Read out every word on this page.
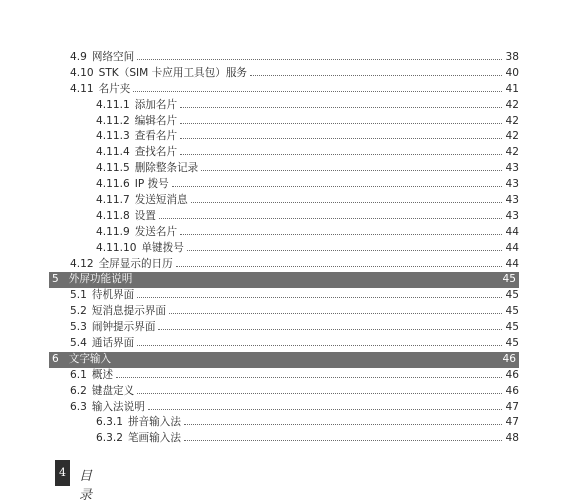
4.9 网络空间	38
4.10 STK（SIM 卡应用工具包）服务	40
4.11 名片夹	41
4.11.1 添加名片	42
4.11.2 编辑名片	42
4.11.3 查看名片	42
4.11.4 查找名片	42
4.11.5 删除整条记录	43
4.11.6 IP 拨号	43
4.11.7 发送短消息	43
4.11.8 设置	43
4.11.9 发送名片	44
4.11.10 单键拨号	44
4.12 全屏显示的日历	44
5 外屏功能说明	45
5.1 待机界面	45
5.2 短消息提示界面	45
5.3 闹钟提示界面	45
5.4 通话界面	45
6 文字输入	46
6.1 概述	46
6.2 键盘定义	46
6.3 输入法说明	47
6.3.1 拼音输入法	47
6.3.2 笔画输入法	48
4	目录
